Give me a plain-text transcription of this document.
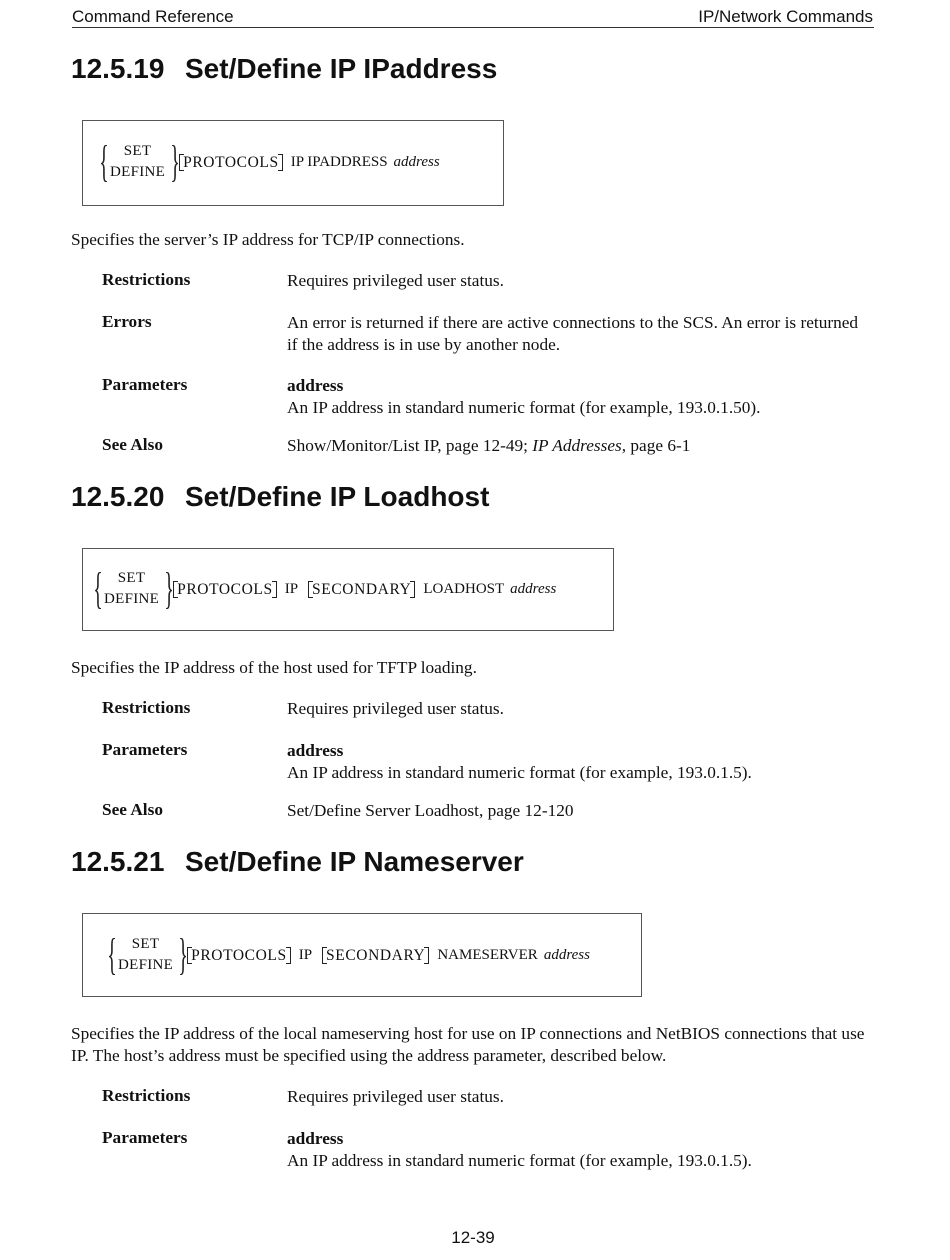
Command Reference	IP/Network Commands
12.5.19 Set/Define IP IPaddress
{ SET
DEFINE } PROTOCOLS IP IPADDRESS address

Specifies the server’s IP address for TCP/IP connections.

Restrictions	Requires privileged user status.

Errors	An error is returned if there are active connections to the SCS. An error is returned if the address is in use by another node.

Parameters	address
An IP address in standard numeric format (for example, 193.0.1.50).

See Also	Show/Monitor/List IP, page 12-49; IP Addresses, page 6-1

12.5.20 Set/Define IP Loadhost
{ SET
DEFINE } PROTOCOLS IP SECONDARY LOADHOST address

Specifies the IP address of the host used for TFTP loading.

Restrictions	Requires privileged user status.

Parameters	address
An IP address in standard numeric format (for example, 193.0.1.5).

See Also	Set/Define Server Loadhost, page 12-120

12.5.21 Set/Define IP Nameserver
{ SET
DEFINE } PROTOCOLS IP SECONDARY NAMESERVER address

Specifies the IP address of the local nameserving host for use on IP connections and NetBIOS connections that use IP. The host’s address must be specified using the address parameter, described below.

Restrictions	Requires privileged user status.

Parameters	address
An IP address in standard numeric format (for example, 193.0.1.5).

12-39
